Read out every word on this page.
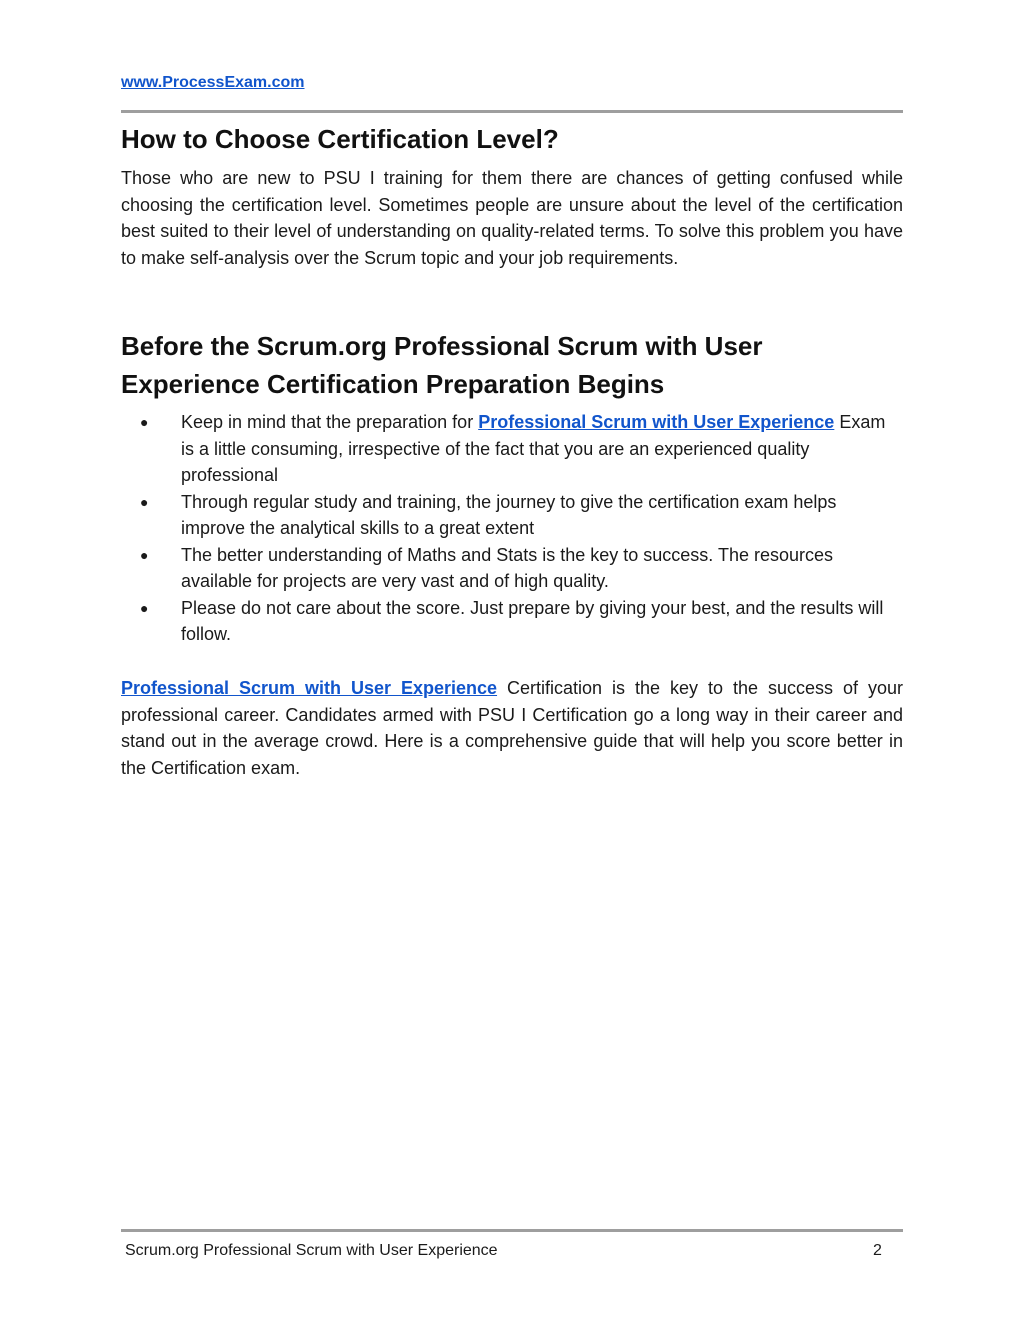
www.ProcessExam.com
How to Choose Certification Level?

Those who are new to PSU I training for them there are chances of getting confused while choosing the certification level. Sometimes people are unsure about the level of the certification best suited to their level of understanding on quality-related terms. To solve this problem you have to make self-analysis over the Scrum topic and your job requirements.

Before the Scrum.org Professional Scrum with User Experience Certification Preparation Begins
● Keep in mind that the preparation for Professional Scrum with User Experience Exam is a little consuming, irrespective of the fact that you are an experienced quality professional
● Through regular study and training, the journey to give the certification exam helps improve the analytical skills to a great extent
● The better understanding of Maths and Stats is the key to success. The resources available for projects are very vast and of high quality.
● Please do not care about the score. Just prepare by giving your best, and the results will follow.

Professional Scrum with User Experience Certification is the key to the success of your professional career. Candidates armed with PSU I Certification go a long way in their career and stand out in the average crowd. Here is a comprehensive guide that will help you score better in the Certification exam.

Scrum.org Professional Scrum with User Experience	2
